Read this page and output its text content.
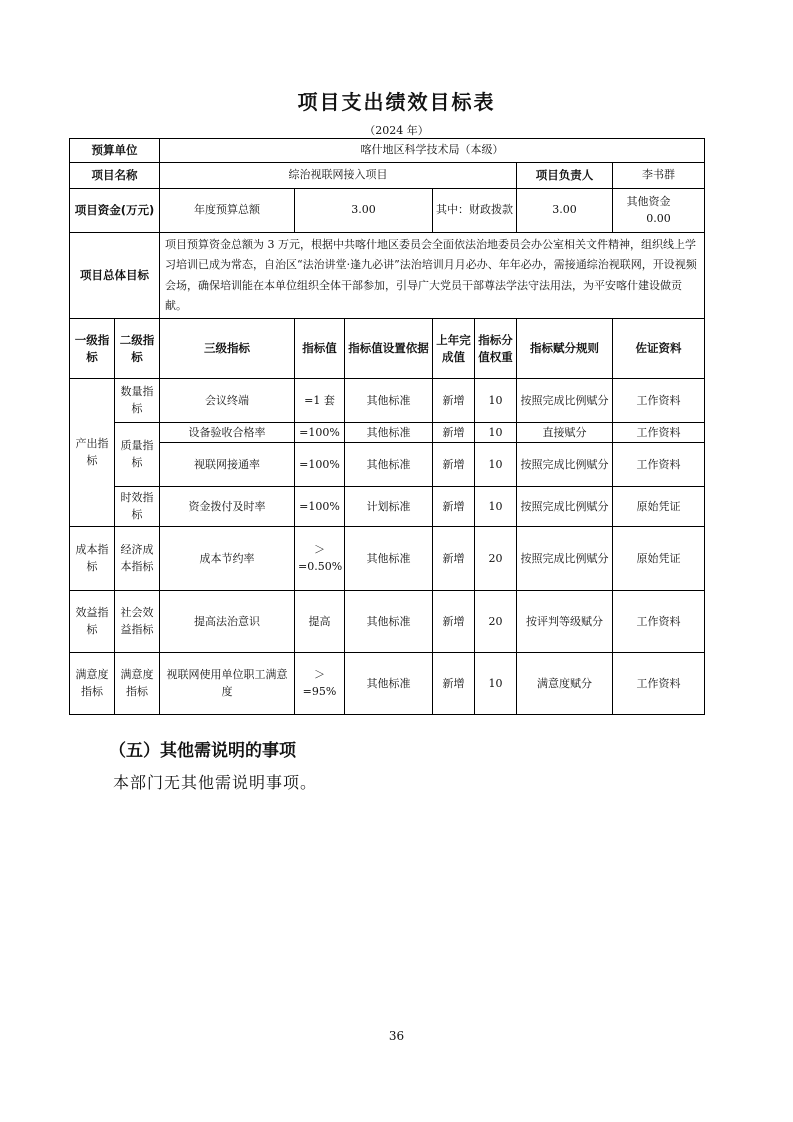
项目支出绩效目标表
（2024 年）
预算单位		喀什地区科学技术局（本级）						
项目名称		综治视联网接入项目					项目负责人	李书群
项目资金(万元)		年度预算总额	3.00		其中：财政拨款		3.00	其他资金0.00
项目总体目标		项目预算资金总额为 3 万元，根据中共喀什地区委员会全面依法治地委员会办公室相关文件精神，组织线上学习培训已成为常态，自治区“法治讲堂·逢九必讲”法治培训月月必办、年年必办，需接通综治视联网，开设视频会场，确保培训能在本单位组织全体干部参加，引导广大党员干部尊法学法守法用法，为平安喀什建设做贡献。						
一级指标	二级指标	三级指标	指标值	指标值设置依据	上年完成值	指标分值权重	指标赋分规则	佐证资料
产出指标	数量指标	会议终端	=1 套	其他标准	新增	10	按照完成比例赋分	工作资料
	质量指标	设备验收合格率	=100%	其他标准	新增	10	直接赋分	工作资料
		视联网接通率	=100%	其他标准	新增	10	按照完成比例赋分	工作资料
	时效指标	资金拨付及时率	=100%	计划标准	新增	10	按照完成比例赋分	原始凭证
成本指标	经济成本指标	成本节约率	＞=0.50%	其他标准	新增	20	按照完成比例赋分	原始凭证
效益指标	社会效益指标	提高法治意识	提高	其他标准	新增	20	按评判等级赋分	工作资料
满意度指标	满意度指标	视联网使用单位职工满意度	＞=95%	其他标准	新增	10	满意度赋分	工作资料
（五）其他需说明的事项
本部门无其他需说明事项。
36
